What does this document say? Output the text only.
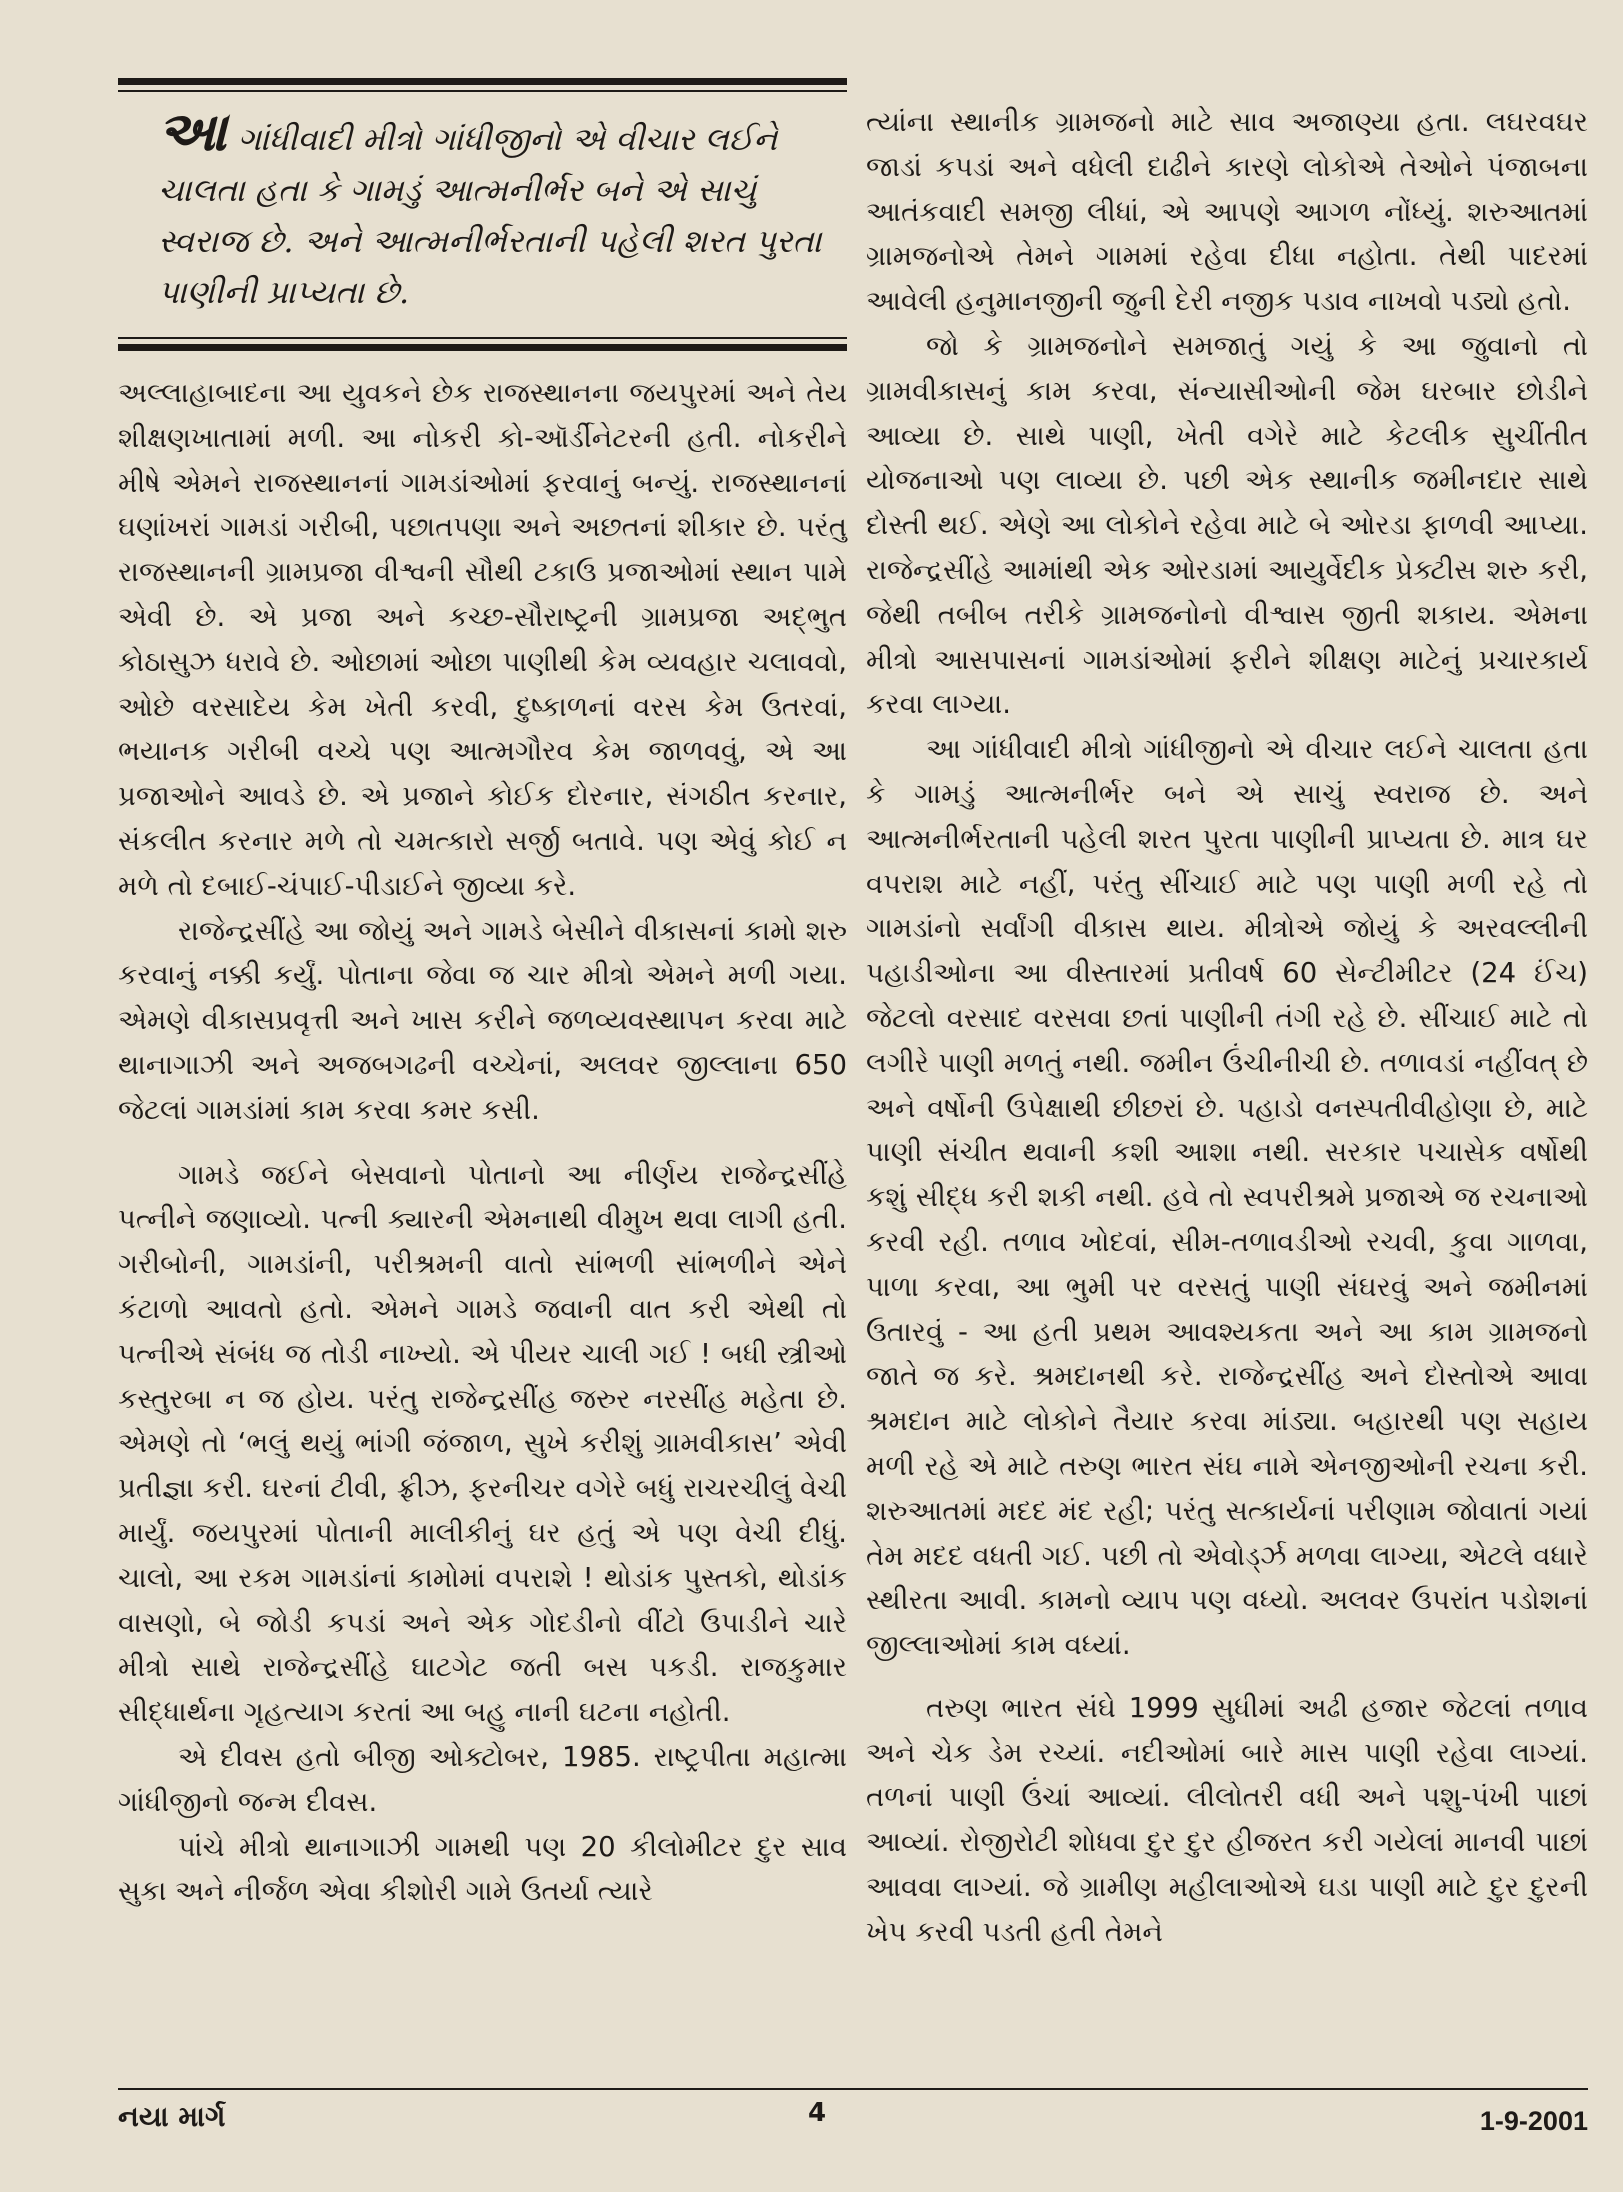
આગાંધીવાદી મીત્રો ગાંધીજીનો એ વીચાર લઈને ચાલતા હતા કે ગામડું આત્મનીર્ભર બને એ સાચું સ્વરાજ છે. અને આત્મનીર્ભરતાની પહેલી શરત પુરતા પાણીની પ્રાપ્યતા છે.

અલ્લાહાબાદના આ યુવકને છેક રાજસ્થાનના જયપુરમાં અને તેય શીક્ષણખાતામાં મળી. આ નોકરી કો-ઑર્ડીનેટરની હતી. નોકરીને મીષે એમને રાજસ્થાનનાં ગામડાંઓમાં ફરવાનું બન્યું. રાજસ્થાનનાં ઘણાંખરાં ગામડાં ગરીબી, પછાતપણા અને અછતનાં શીકાર છે. પરંતુ રાજસ્થાનની ગ્રામપ્રજા વીશ્વની સૌથી ટકાઉ પ્રજાઓમાં સ્થાન પામે એવી છે. એ પ્રજા અને કચ્છ-સૌરાષ્ટ્રની ગ્રામપ્રજા અદ્ભુત કોઠાસુઝ ધરાવે છે. ઓછામાં ઓછા પાણીથી કેમ વ્યવહાર ચલાવવો, ઓછે વરસાદેય કેમ ખેતી કરવી, દુષ્કાળનાં વરસ કેમ ઉતરવાં, ભયાનક ગરીબી વચ્ચે પણ આત્મગૌરવ કેમ જાળવવું, એ આ પ્રજાઓને આવડે છે. એ પ્રજાને કોઈક દોરનાર, સંગઠીત કરનાર, સંકલીત કરનાર મળે તો ચમત્કારો સર્જી બતાવે. પણ એવું કોઈ ન મળે તો દબાઈ-ચંપાઈ-પીડાઈને જીવ્યા કરે.

રાજેન્દ્રસીંહે આ જોયું અને ગામડે બેસીને વીકાસનાં કામો શરુ કરવાનું નક્કી કર્યું. પોતાના જેવા જ ચાર મીત્રો એમને મળી ગયા. એમણે વીકાસપ્રવૃત્તી અને ખાસ કરીને જળવ્યવસ્થાપન કરવા માટે થાનાગાઝી અને અજબગઢની વચ્ચેનાં, અલવર જીલ્લાના 650 જેટલાં ગામડાંમાં કામ કરવા કમર કસી.

ગામડે જઈને બેસવાનો પોતાનો આ નીર્ણય રાજેન્દ્રસીંહે પત્નીને જણાવ્યો. પત્ની ક્યારની એમનાથી વીમુખ થવા લાગી હતી. ગરીબોની, ગામડાંની, પરીશ્રમની વાતો સાંભળી સાંભળીને એને કંટાળો આવતો હતો. એમને ગામડે જવાની વાત કરી એથી તો પત્નીએ સંબંધ જ તોડી નાખ્યો. એ પીયર ચાલી ગઈ ! બધી સ્ત્રીઓ કસ્તુરબા ન જ હોય. પરંતુ રાજેન્દ્રસીંહ જરુર નરસીંહ મહેતા છે. એમણે તો ‘ભલું થયું ભાંગી જંજાળ, સુખે કરીશું ગ્રામવીકાસ’ એવી પ્રતીજ્ઞા કરી. ઘરનાં ટીવી, ફ્રીઝ, ફરનીચર વગેરે બધું રાચરચીલું વેચી માર્યું. જયપુરમાં પોતાની માલીકીનું ઘર હતું એ પણ વેચી દીધું. ચાલો, આ રકમ ગામડાંનાં કામોમાં વપરાશે ! થોડાંક પુસ્તકો, થોડાંક વાસણો, બે જોડી કપડાં અને એક ગોદડીનો વીંટો ઉપાડીને ચારે મીત્રો સાથે રાજેન્દ્રસીંહે ઘાટગેટ જતી બસ પકડી. રાજકુમાર સીદ્ધાર્થના ગૃહત્યાગ કરતાં આ બહુ નાની ઘટના નહોતી.

એ દીવસ હતો બીજી ઓક્ટોબર, 1985. રાષ્ટ્રપીતા મહાત્મા ગાંધીજીનો જન્મ દીવસ.

પાંચે મીત્રો થાનાગાઝી ગામથી પણ 20 કીલોમીટર દુર સાવ સુકા અને નીર્જળ એવા કીશોરી ગામે ઉતર્યા ત્યારે

ત્યાંના સ્થાનીક ગ્રામજનો માટે સાવ અજાણ્યા હતા. લઘરવઘર જાડાં કપડાં અને વધેલી દાઢીને કારણે લોકોએ તેઓને પંજાબના આતંકવાદી સમજી લીધાં, એ આપણે આગળ નોંધ્યું. શરુઆતમાં ગ્રામજનોએ તેમને ગામમાં રહેવા દીધા નહોતા. તેથી પાદરમાં આવેલી હનુમાનજીની જુની દેરી નજીક પડાવ નાખવો પડ્યો હતો.

જો કે ગ્રામજનોને સમજાતું ગયું કે આ જુવાનો તો ગ્રામવીકાસનું કામ કરવા, સંન્યાસીઓની જેમ ઘરબાર છોડીને આવ્યા છે. સાથે પાણી, ખેતી વગેરે માટે કેટલીક સુચીંતીત યોજનાઓ પણ લાવ્યા છે. પછી એક સ્થાનીક જમીનદાર સાથે દોસ્તી થઈ. એણે આ લોકોને રહેવા માટે બે ઓરડા ફાળવી આપ્યા. રાજેન્દ્રસીંહે આમાંથી એક ઓરડામાં આયુર્વેદીક પ્રેક્ટીસ શરુ કરી, જેથી તબીબ તરીકે ગ્રામજનોનો વીશ્વાસ જીતી શકાય. એમના મીત્રો આસપાસનાં ગામડાંઓમાં ફરીને શીક્ષણ માટેનું પ્રચારકાર્ય કરવા લાગ્યા.

આ ગાંધીવાદી મીત્રો ગાંધીજીનો એ વીચાર લઈને ચાલતા હતા કે ગામડું આત્મનીર્ભર બને એ સાચું સ્વરાજ છે. અને આત્મનીર્ભરતાની પહેલી શરત પુરતા પાણીની પ્રાપ્યતા છે. માત્ર ઘર વપરાશ માટે નહીં, પરંતુ સીંચાઈ માટે પણ પાણી મળી રહે તો ગામડાંનો સર્વાંગી વીકાસ થાય. મીત્રોએ જોયું કે અરવલ્લીની પહાડીઓના આ વીસ્તારમાં પ્રતીવર્ષ 60 સેન્ટીમીટર (24 ઈંચ) જેટલો વરસાદ વરસવા છતાં પાણીની તંગી રહે છે. સીંચાઈ માટે તો લગીરે પાણી મળતું નથી. જમીન ઉંચીનીચી છે. તળાવડાં નહીંવત્ છે અને વર્ષોની ઉપેક્ષાથી છીછરાં છે. પહાડો વનસ્પતીવીહોણા છે, માટે પાણી સંચીત થવાની કશી આશા નથી. સરકાર પચાસેક વર્ષોથી કશું સીદ્ધ કરી શકી નથી. હવે તો સ્વપરીશ્રમે પ્રજાએ જ રચનાઓ કરવી રહી. તળાવ ખોદવાં, સીમ-તળાવડીઓ રચવી, કુવા ગાળવા, પાળા કરવા, આ ભુમી પર વરસતું પાણી સંઘરવું અને જમીનમાં ઉતારવું - આ હતી પ્રથમ આવશ્યકતા અને આ કામ ગ્રામજનો જાતે જ કરે. શ્રમદાનથી કરે. રાજેન્દ્રસીંહ અને દોસ્તોએ આવા શ્રમદાન માટે લોકોને તૈયાર કરવા માંડ્યા. બહારથી પણ સહાય મળી રહે એ માટે તરુણ ભારત સંઘ નામે એનજીઓની રચના કરી. શરુઆતમાં મદદ મંદ રહી; પરંતુ સત્કાર્યનાં પરીણામ જોવાતાં ગયાં તેમ મદદ વધતી ગઈ. પછી તો એવોર્ડ્ઝ મળવા લાગ્યા, એટલે વધારે સ્થીરતા આવી. કામનો વ્યાપ પણ વધ્યો. અલવર ઉપરાંત પડોશનાં જીલ્લાઓમાં કામ વધ્યાં.

તરુણ ભારત સંઘે 1999 સુધીમાં અઢી હજાર જેટલાં તળાવ અને ચેક ડેમ રચ્યાં. નદીઓમાં બારે માસ પાણી રહેવા લાગ્યાં. તળનાં પાણી ઉંચાં આવ્યાં. લીલોતરી વધી અને પશુ-પંખી પાછાં આવ્યાં. રોજીરોટી શોધવા દુર દુર હીજરત કરી ગયેલાં માનવી પાછાં આવવા લાગ્યાં. જે ગ્રામીણ મહીલાઓએ ઘડા પાણી માટે દુર દુરની ખેપ કરવી પડતી હતી તેમને

નયા માર્ગ	4	1-9-2001
